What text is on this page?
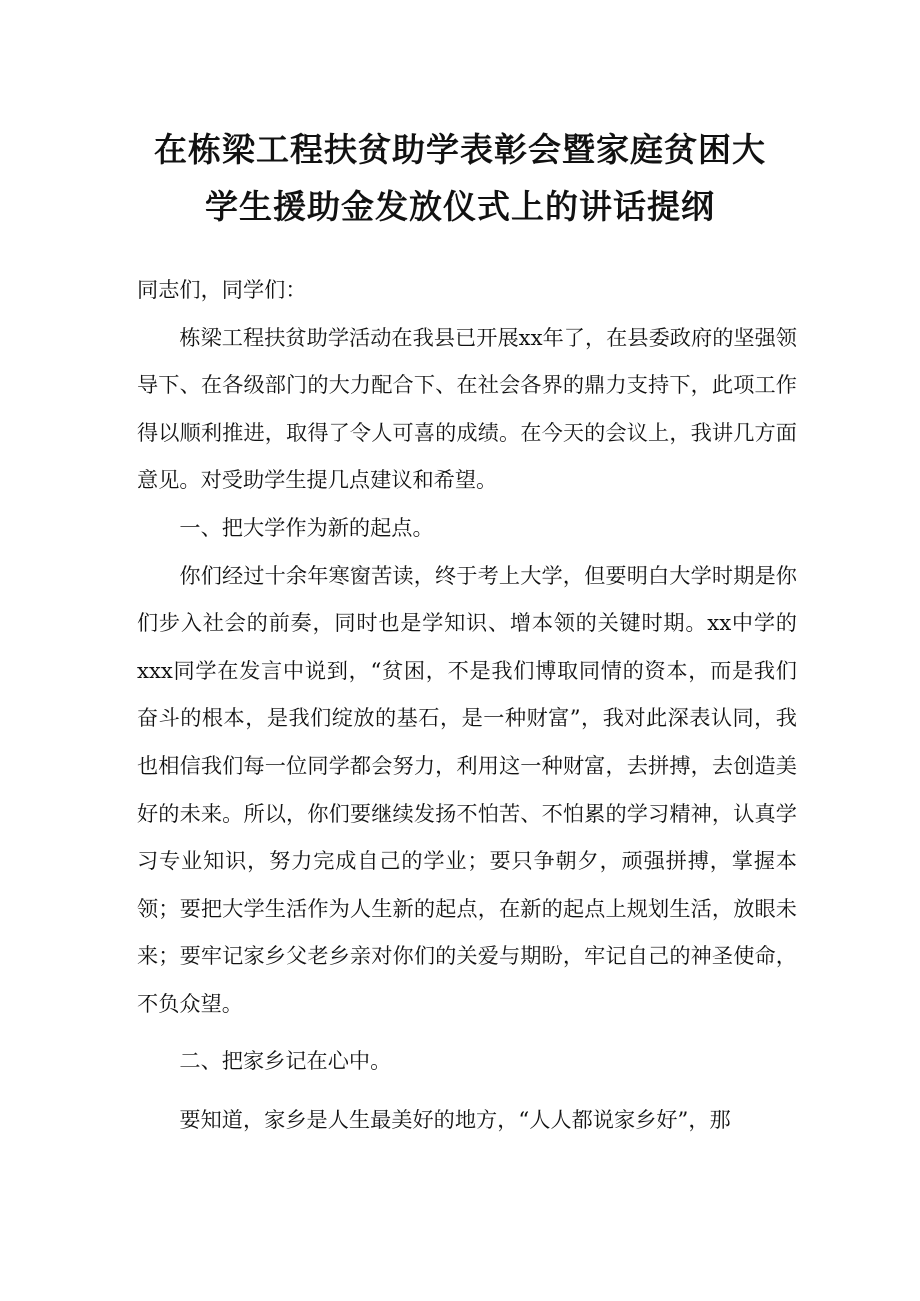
在栋梁工程扶贫助学表彰会暨家庭贫困大
学生援助金发放仪式上的讲话提纲

同志们，同学们：

栋梁工程扶贫助学活动在我县已开展xx年了，在县委政府的坚强领导下、在各级部门的大力配合下、在社会各界的鼎力支持下，此项工作得以顺利推进，取得了令人可喜的成绩。在今天的会议上，我讲几方面意见。对受助学生提几点建议和希望。

一、把大学作为新的起点。

你们经过十余年寒窗苦读，终于考上大学，但要明白大学时期是你们步入社会的前奏，同时也是学知识、增本领的关键时期。xx中学的xxx同学在发言中说到，“贫困，不是我们博取同情的资本，而是我们奋斗的根本，是我们绽放的基石，是一种财富”，我对此深表认同，我也相信我们每一位同学都会努力，利用这一种财富，去拼搏，去创造美好的未来。所以，你们要继续发扬不怕苦、不怕累的学习精神，认真学习专业知识，努力完成自己的学业；要只争朝夕，顽强拼搏，掌握本领；要把大学生活作为人生新的起点，在新的起点上规划生活，放眼未来；要牢记家乡父老乡亲对你们的关爱与期盼，牢记自己的神圣使命，不负众望。

二、把家乡记在心中。

要知道，家乡是人生最美好的地方，“人人都说家乡好”，那
